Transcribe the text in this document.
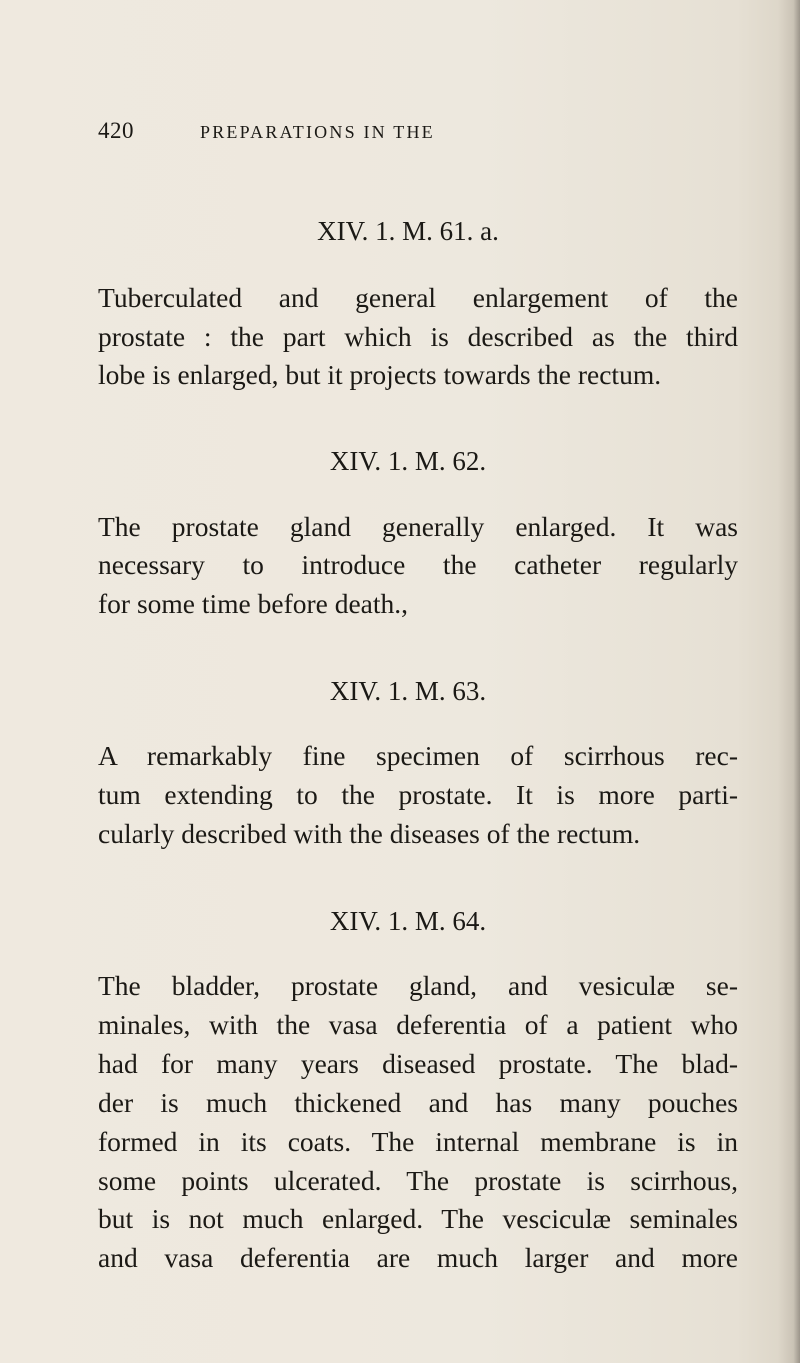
420	PREPARATIONS IN THE
XIV. 1. M. 61. a.
Tuberculated and general enlargement of the
prostate : the part which is described as the third
lobe is enlarged, but it projects towards the rectum.
XIV. 1. M. 62.
The prostate gland generally enlarged. It was
necessary to introduce the catheter regularly
for some time before death.,
XIV. 1. M. 63.
A remarkably fine specimen of scirrhous rec-
tum extending to the prostate. It is more parti-
cularly described with the diseases of the rectum.
XIV. 1. M. 64.
The bladder, prostate gland, and vesiculæ se-
minales, with the vasa deferentia of a patient who
had for many years diseased prostate. The blad-
der is much thickened and has many pouches
formed in its coats. The internal membrane is in
some points ulcerated. The prostate is scirrhous,
but is not much enlarged. The vesciculæ seminales
and vasa deferentia are much larger and more
